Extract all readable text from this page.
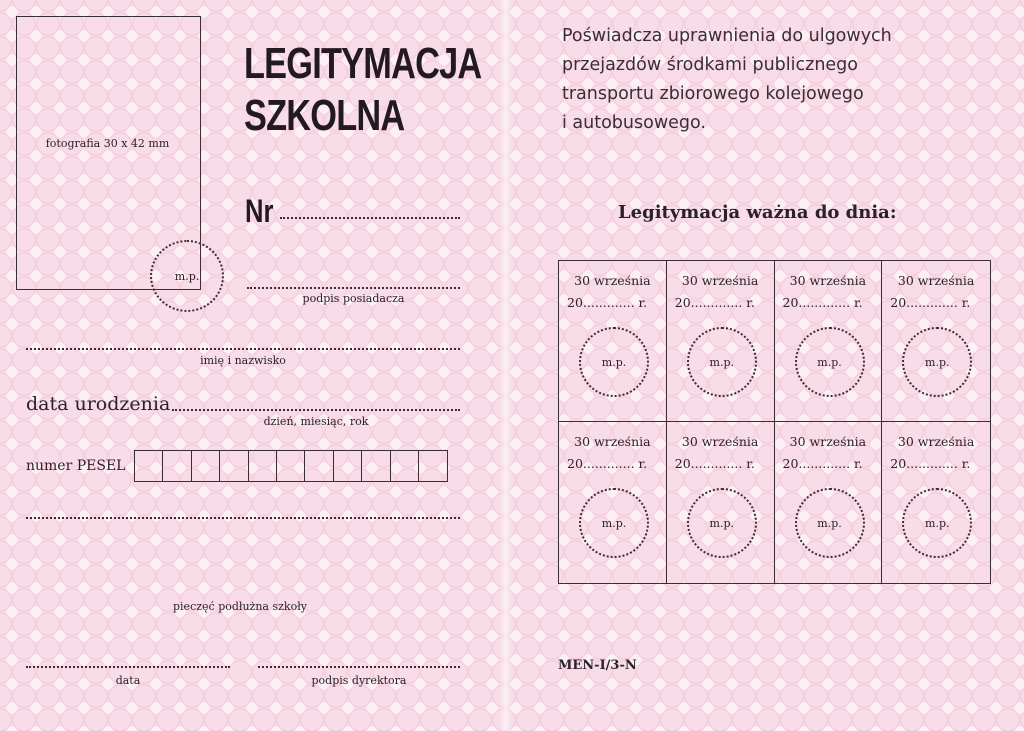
fotografia 30 x 42 mm
m.p.
LEGITYMACJA
SZKOLNA
Nr
podpis posiadacza
imię i nazwisko
data urodzenia
dzień, miesiąc, rok
numer PESEL
pieczęć podłużna szkoły
data	podpis dyrektora
Poświadcza uprawnienia do ulgowych
przejazdów środkami publicznego
transportu zbiorowego kolejowego
i autobusowego.
Legitymacja ważna do dnia:
30 września
20............. r.
m.p.
30 września
20............. r.
m.p.
30 września
20............. r.
m.p.
30 września
20............. r.
m.p.
30 września
20............. r.
m.p.
30 września
20............. r.
m.p.
30 września
20............. r.
m.p.
30 września
20............. r.
m.p.
MEN-I/3-N
